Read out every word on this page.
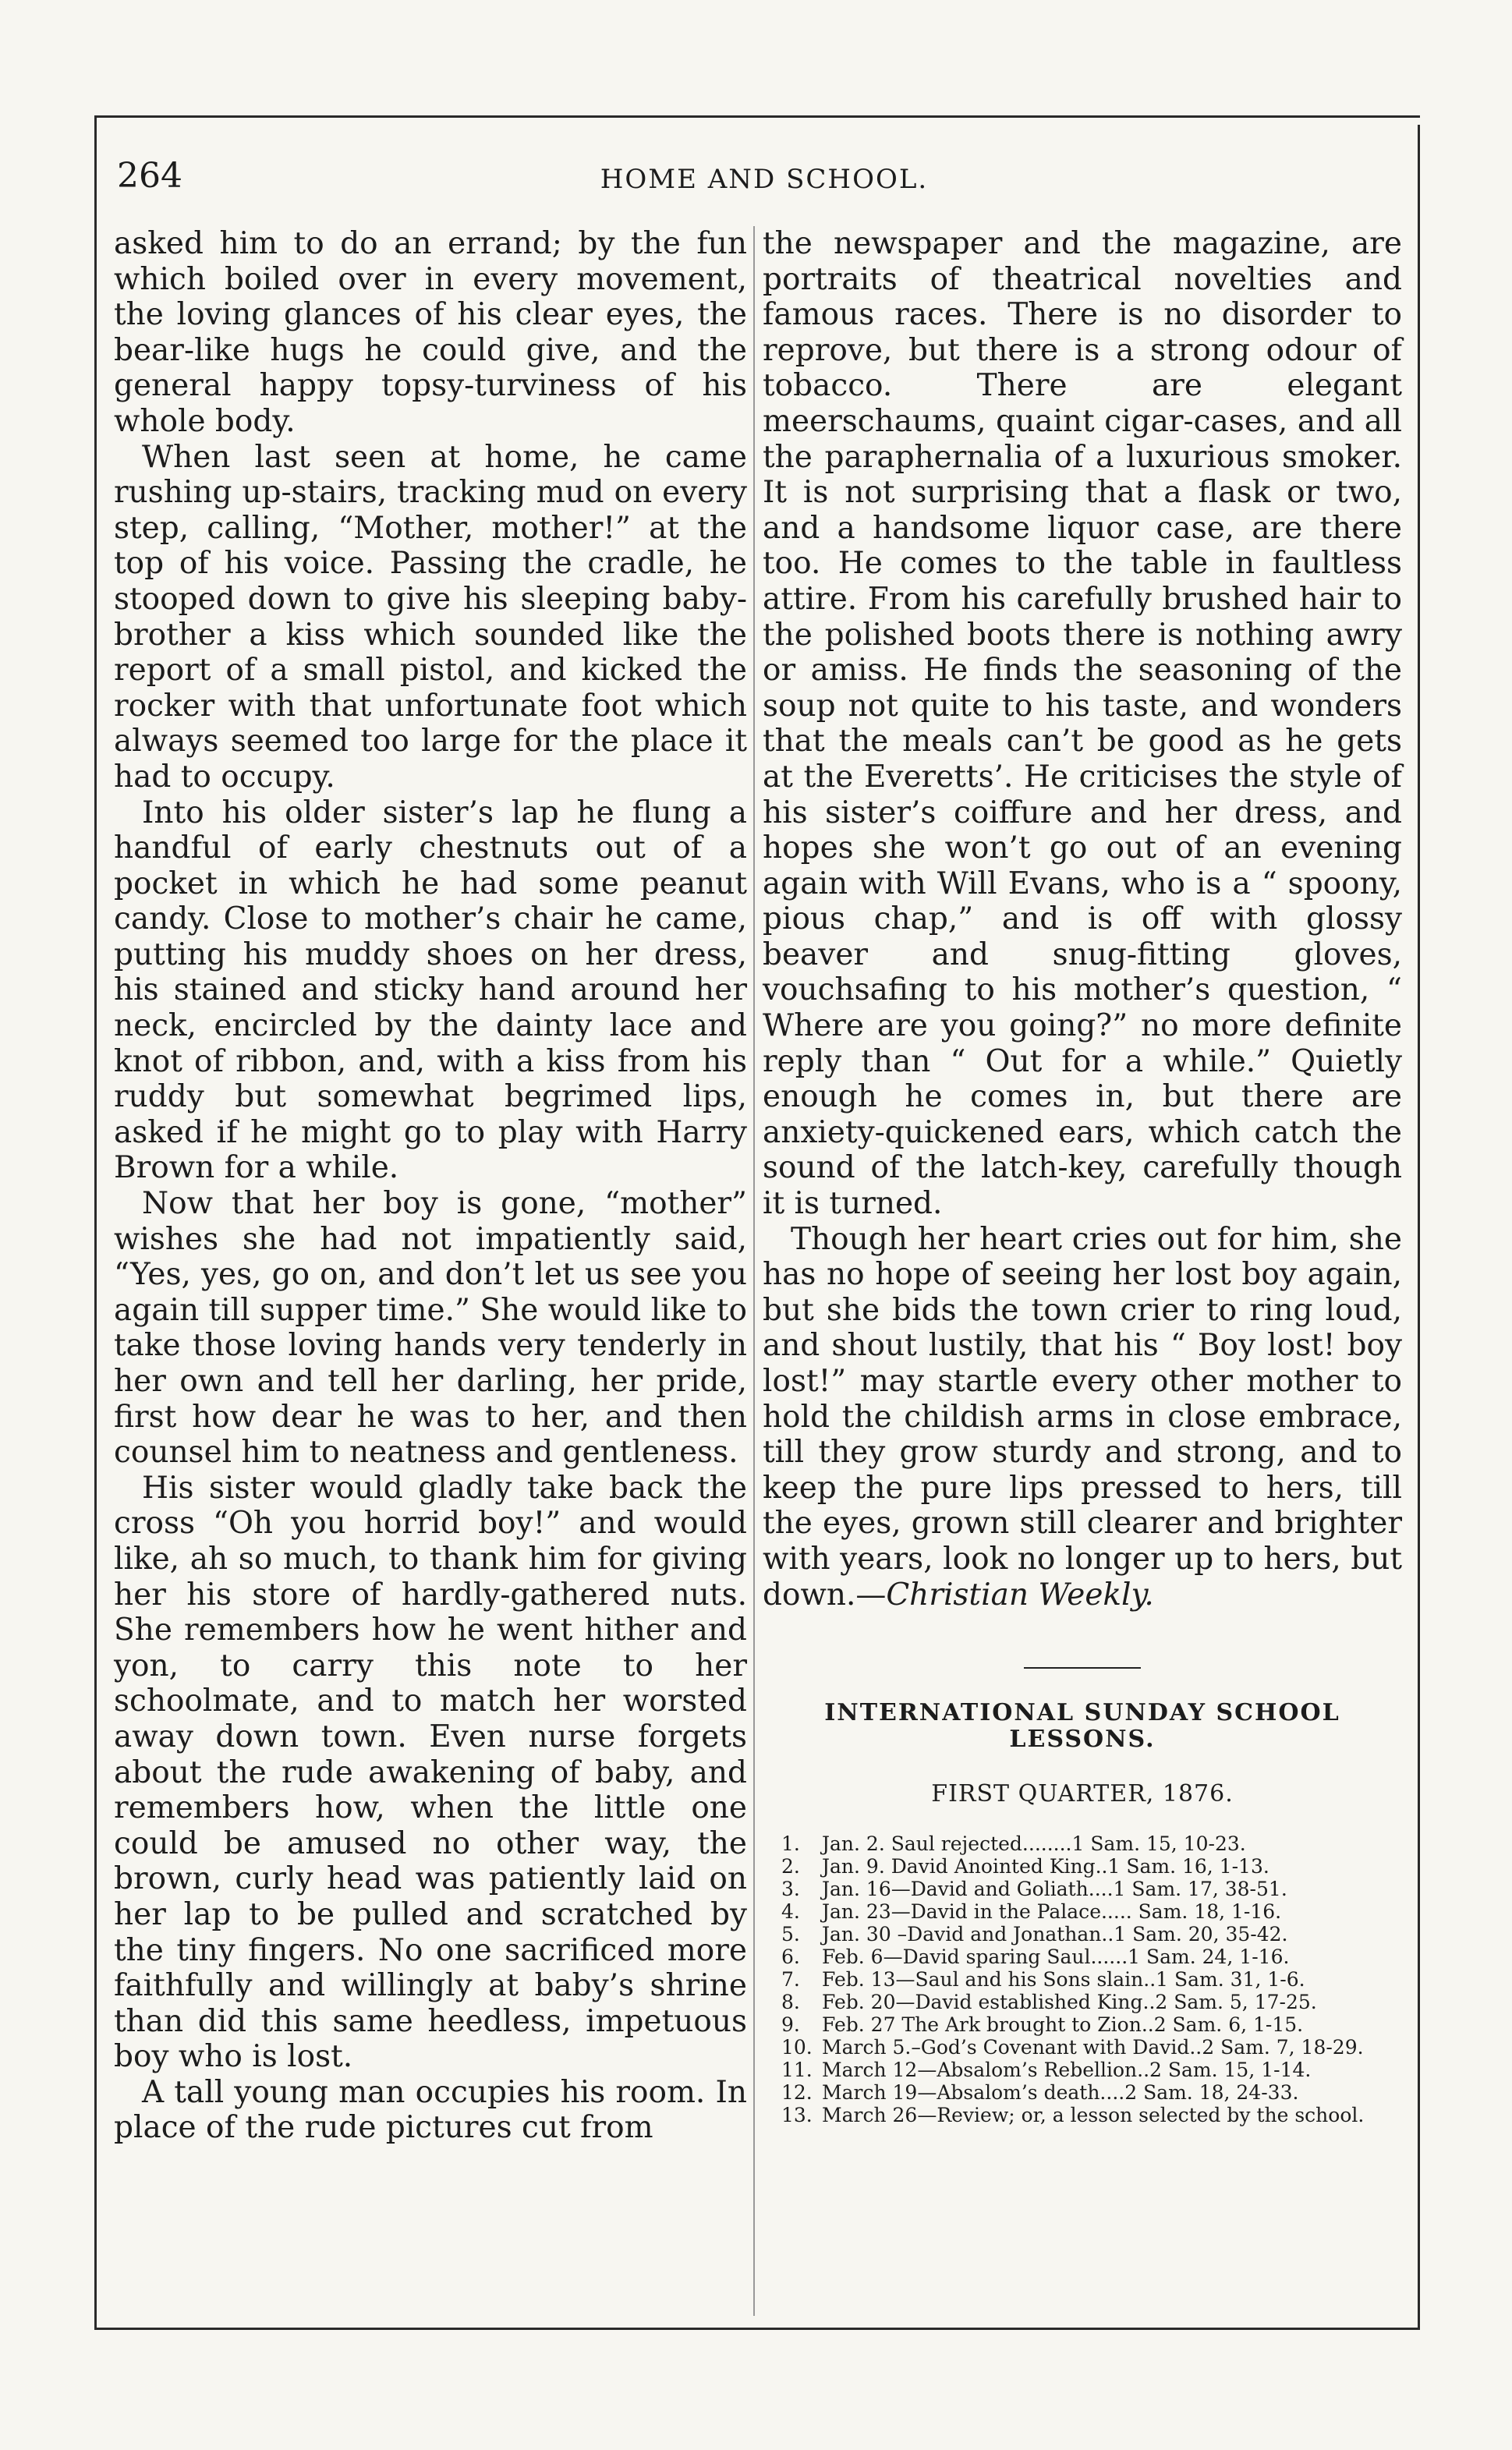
264	HOME AND SCHOOL.

asked him to do an errand; by the fun which boiled over in every movement, the loving glances of his clear eyes, the bear-like hugs he could give, and the general happy topsy-turviness of his whole body.

When last seen at home, he came rushing up-stairs, tracking mud on every step, calling, “Mother, mother!” at the top of his voice. Passing the cradle, he stooped down to give his sleeping baby-brother a kiss which sounded like the report of a small pistol, and kicked the rocker with that unfortunate foot which always seemed too large for the place it had to occupy.

Into his older sister’s lap he flung a handful of early chestnuts out of a pocket in which he had some peanut candy. Close to mother’s chair he came, putting his muddy shoes on her dress, his stained and sticky hand around her neck, encircled by the dainty lace and knot of ribbon, and, with a kiss from his ruddy but somewhat begrimed lips, asked if he might go to play with Harry Brown for a while.

Now that her boy is gone, “mother” wishes she had not impatiently said, “Yes, yes, go on, and don’t let us see you again till supper time.” She would like to take those loving hands very tenderly in her own and tell her darling, her pride, first how dear he was to her, and then counsel him to neatness and gentleness.

His sister would gladly take back the cross “Oh you horrid boy!” and would like, ah so much, to thank him for giving her his store of hardly-gathered nuts. She remembers how he went hither and yon, to carry this note to her schoolmate, and to match her worsted away down town. Even nurse forgets about the rude awakening of baby, and remembers how, when the little one could be amused no other way, the brown, curly head was patiently laid on her lap to be pulled and scratched by the tiny fingers. No one sacrificed more faithfully and willingly at baby’s shrine than did this same heedless, impetuous boy who is lost.

A tall young man occupies his room. In place of the rude pictures cut from

the newspaper and the magazine, are portraits of theatrical novelties and famous races. There is no disorder to reprove, but there is a strong odour of tobacco. There are elegant meerschaums, quaint cigar-cases, and all the paraphernalia of a luxurious smoker. It is not surprising that a flask or two, and a handsome liquor case, are there too. He comes to the table in faultless attire. From his carefully brushed hair to the polished boots there is nothing awry or amiss. He finds the seasoning of the soup not quite to his taste, and wonders that the meals can’t be good as he gets at the Everetts’. He criticises the style of his sister’s coiffure and her dress, and hopes she won’t go out of an evening again with Will Evans, who is a “ spoony, pious chap,” and is off with glossy beaver and snug-fitting gloves, vouchsafing to his mother’s question, “ Where are you going?” no more definite reply than “ Out for a while.” Quietly enough he comes in, but there are anxiety-quickened ears, which catch the sound of the latch-key, carefully though it is turned.

Though her heart cries out for him, she has no hope of seeing her lost boy again, but she bids the town crier to ring loud, and shout lustily, that his “ Boy lost! boy lost!” may startle every other mother to hold the childish arms in close embrace, till they grow sturdy and strong, and to keep the pure lips pressed to hers, till the eyes, grown still clearer and brighter with years, look no longer up to hers, but down.—Christian Weekly.

INTERNATIONAL SUNDAY SCHOOL LESSONS.
FIRST QUARTER, 1876.
1.	Jan. 2. Saul rejected........1 Sam. 15, 10-23.
2.	Jan. 9. David Anointed King..1 Sam. 16, 1-13.
3.	Jan. 16—David and Goliath....1 Sam. 17, 38-51.
4.	Jan. 23—David in the Palace..... Sam. 18, 1-16.
5.	Jan. 30 –David and Jonathan..1 Sam. 20, 35-42.
6.	Feb. 6—David sparing Saul......1 Sam. 24, 1-16.
7.	Feb. 13—Saul and his Sons slain..1 Sam. 31, 1-6.
8.	Feb. 20—David established King..2 Sam. 5, 17-25.
9.	Feb. 27 The Ark brought to Zion..2 Sam. 6, 1-15.
10. March 5.–God’s Covenant with David..2 Sam. 7, 18-29.
11. March 12—Absalom’s Rebellion..2 Sam. 15, 1-14.
12. March 19—Absalom’s death....2 Sam. 18, 24-33.
13. March 26—Review; or, a lesson selected by the school.
